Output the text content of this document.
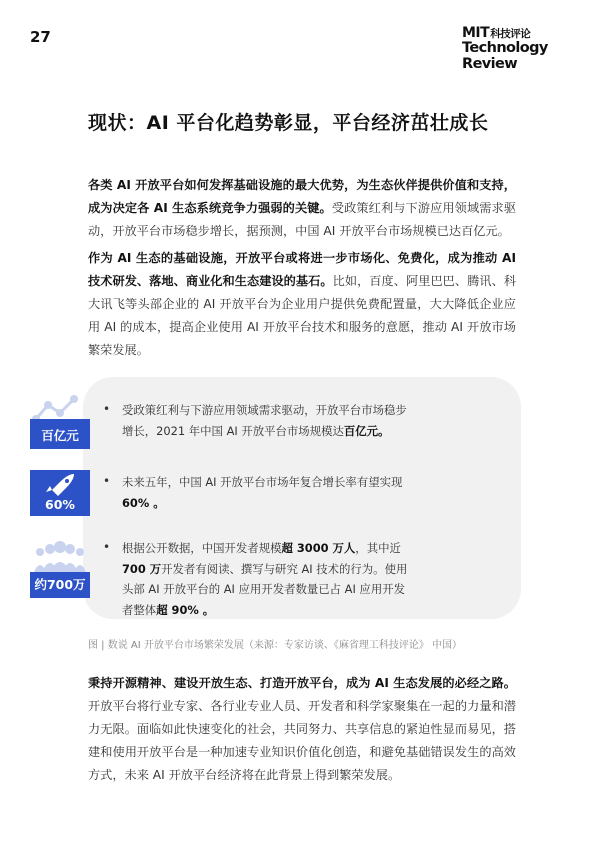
27	MIT科技评论
Technology
Review
现状：AI 平台化趋势彰显，平台经济茁壮成长
各类 AI 开放平台如何发挥基础设施的最大优势，为生态伙伴提供价值和支持，成为决定各 AI 生态系统竞争力强弱的关键。受政策红利与下游应用领域需求驱动，开放平台市场稳步增长，据预测，中国 AI 开放平台市场规模已达百亿元。
作为 AI 生态的基础设施，开放平台或将进一步市场化、免费化，成为推动 AI 技术研发、落地、商业化和生态建设的基石。比如，百度、阿里巴巴、腾讯、科大讯飞等头部企业的 AI 开放平台为企业用户提供免费配置量，大大降低企业应用 AI 的成本，提高企业使用 AI 开放平台技术和服务的意愿，推动 AI 开放市场繁荣发展。
百亿元
• 受政策红利与下游应用领域需求驱动，开放平台市场稳步增长，2021 年中国 AI 开放平台市场规模达百亿元。
60%
• 未来五年，中国 AI 开放平台市场年复合增长率有望实现 60% 。
约700万
• 根据公开数据，中国开发者规模超 3000 万人，其中近 700 万开发者有阅读、撰写与研究 AI 技术的行为。使用头部 AI 开放平台的 AI 应用开发者数量已占 AI 应用开发者整体超 90% 。
图 | 数说 AI 开放平台市场繁荣发展（来源：专家访谈、《麻省理工科技评论》 中国）
秉持开源精神、建设开放生态、打造开放平台，成为 AI 生态发展的必经之路。开放平台将行业专家、各行业专业人员、开发者和科学家聚集在一起的力量和潜力无限。面临如此快速变化的社会，共同努力、共享信息的紧迫性显而易见，搭建和使用开放平台是一种加速专业知识价值化创造，和避免基础错误发生的高效方式，未来 AI 开放平台经济将在此背景上得到繁荣发展。
